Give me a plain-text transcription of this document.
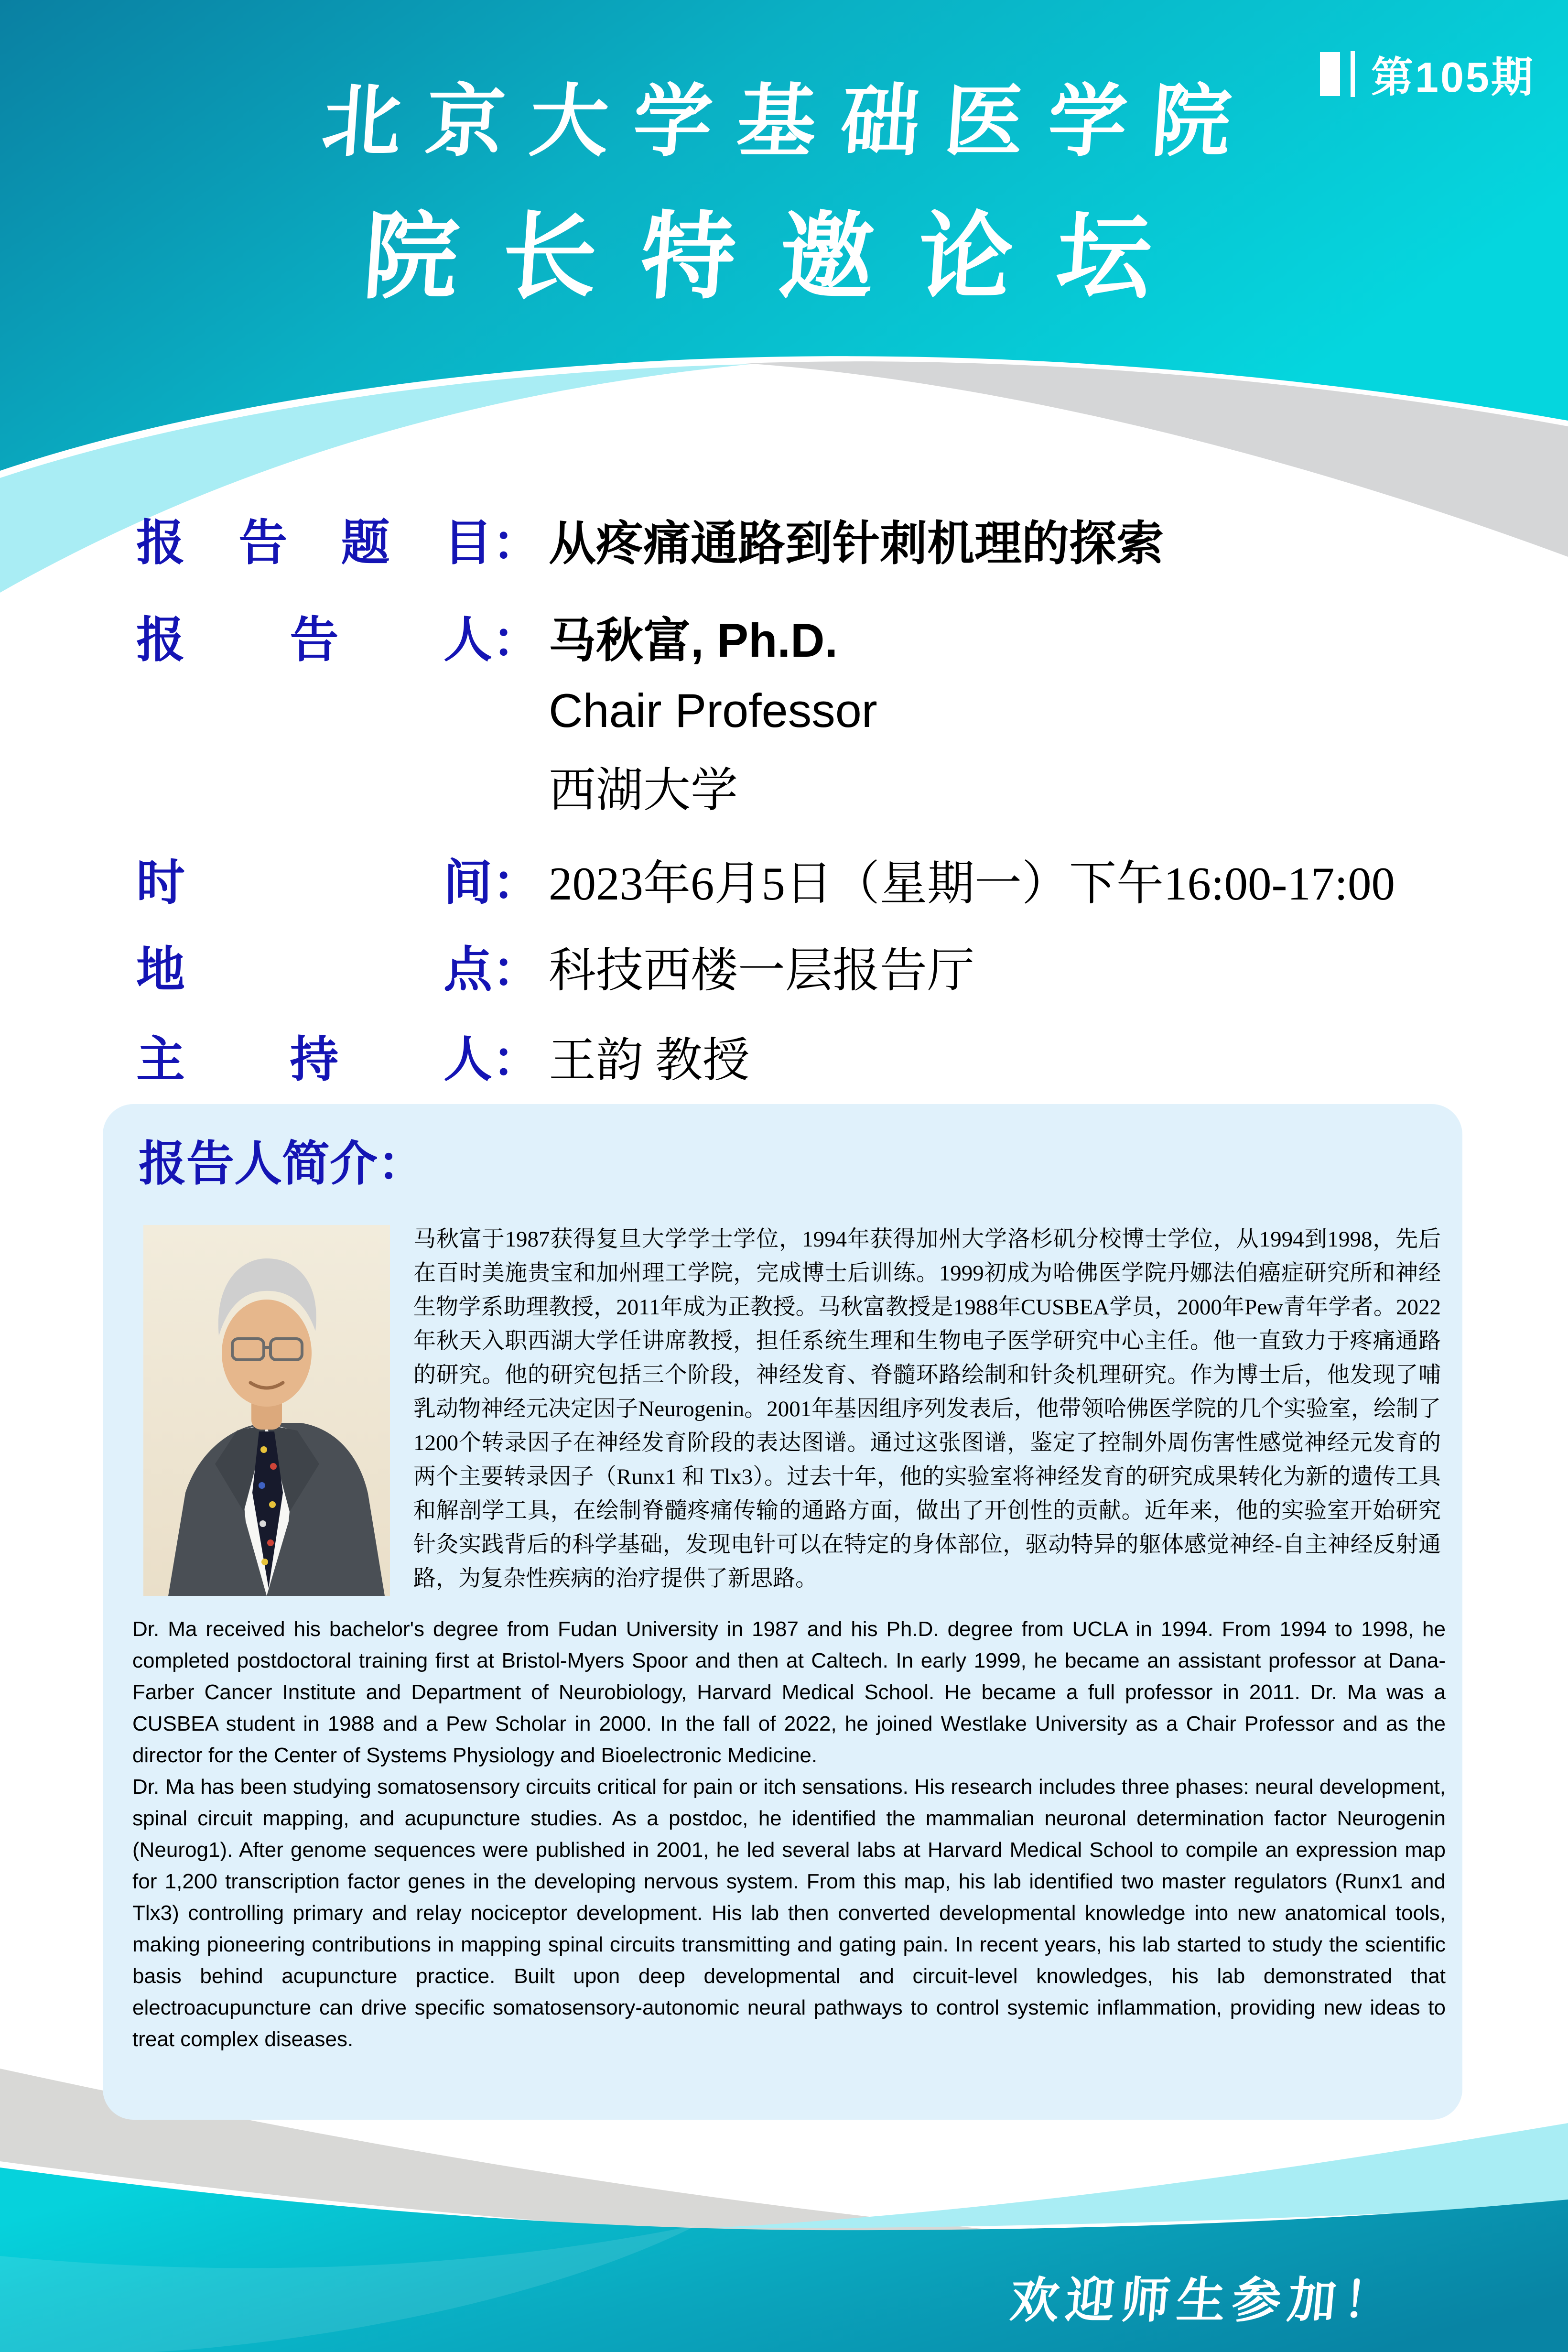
第105期
北京大学基础医学院
院长特邀论坛
报告题目 ： 从疼痛通路到针刺机理的探索
报告人 ： 马秋富, Ph.D.
Chair Professor
西湖大学
时间 ： 2023年6月5日（星期一）下午16:00-17:00
地点 ： 科技西楼一层报告厅
主持人 ： 王韵 教授
报告人简介：
马秋富于1987获得复旦大学学士学位，1994年获得加州大学洛杉矶分校博士学位，从1994到1998，先后在百时美施贵宝和加州理工学院，完成博士后训练。1999初成为哈佛医学院丹娜法伯癌症研究所和神经生物学系助理教授，2011年成为正教授。马秋富教授是1988年CUSBEA学员，2000年Pew青年学者。2022年秋天入职西湖大学任讲席教授，担任系统生理和生物电子医学研究中心主任。他一直致力于疼痛通路的研究。他的研究包括三个阶段，神经发育、脊髓环路绘制和针灸机理研究。作为博士后，他发现了哺乳动物神经元决定因子Neurogenin。2001年基因组序列发表后，他带领哈佛医学院的几个实验室，绘制了1200个转录因子在神经发育阶段的表达图谱。通过这张图谱，鉴定了控制外周伤害性感觉神经元发育的两个主要转录因子（Runx1 和 Tlx3）。过去十年，他的实验室将神经发育的研究成果转化为新的遗传工具和解剖学工具，在绘制脊髓疼痛传输的通路方面，做出了开创性的贡献。近年来，他的实验室开始研究针灸实践背后的科学基础，发现电针可以在特定的身体部位，驱动特异的躯体感觉神经-自主神经反射通路，为复杂性疾病的治疗提供了新思路。

Dr. Ma received his bachelor's degree from Fudan University in 1987 and his Ph.D. degree from UCLA in 1994. From 1994 to 1998, he completed postdoctoral training first at Bristol-Myers Spoor and then at Caltech. In early 1999, he became an assistant professor at Dana-Farber Cancer Institute and Department of Neurobiology, Harvard Medical School. He became a full professor in 2011. Dr. Ma was a CUSBEA student in 1988 and a Pew Scholar in 2000. In the fall of 2022, he joined Westlake University as a Chair Professor and as the director for the Center of Systems Physiology and Bioelectronic Medicine.

Dr. Ma has been studying somatosensory circuits critical for pain or itch sensations. His research includes three phases: neural development, spinal circuit mapping, and acupuncture studies. As a postdoc, he identified the mammalian neuronal determination factor Neurogenin (Neurog1). After genome sequences were published in 2001, he led several labs at Harvard Medical School to compile an expression map for 1,200 transcription factor genes in the developing nervous system. From this map, his lab identified two master regulators (Runx1 and Tlx3) controlling primary and relay nociceptor development. His lab then converted developmental knowledge into new anatomical tools, making pioneering contributions in mapping spinal circuits transmitting and gating pain. In recent years, his lab started to study the scientific basis behind acupuncture practice. Built upon deep developmental and circuit-level knowledges, his lab demonstrated that electroacupuncture can drive specific somatosensory-autonomic neural pathways to control systemic inflammation, providing new ideas to treat complex diseases.

欢迎师生参加！
